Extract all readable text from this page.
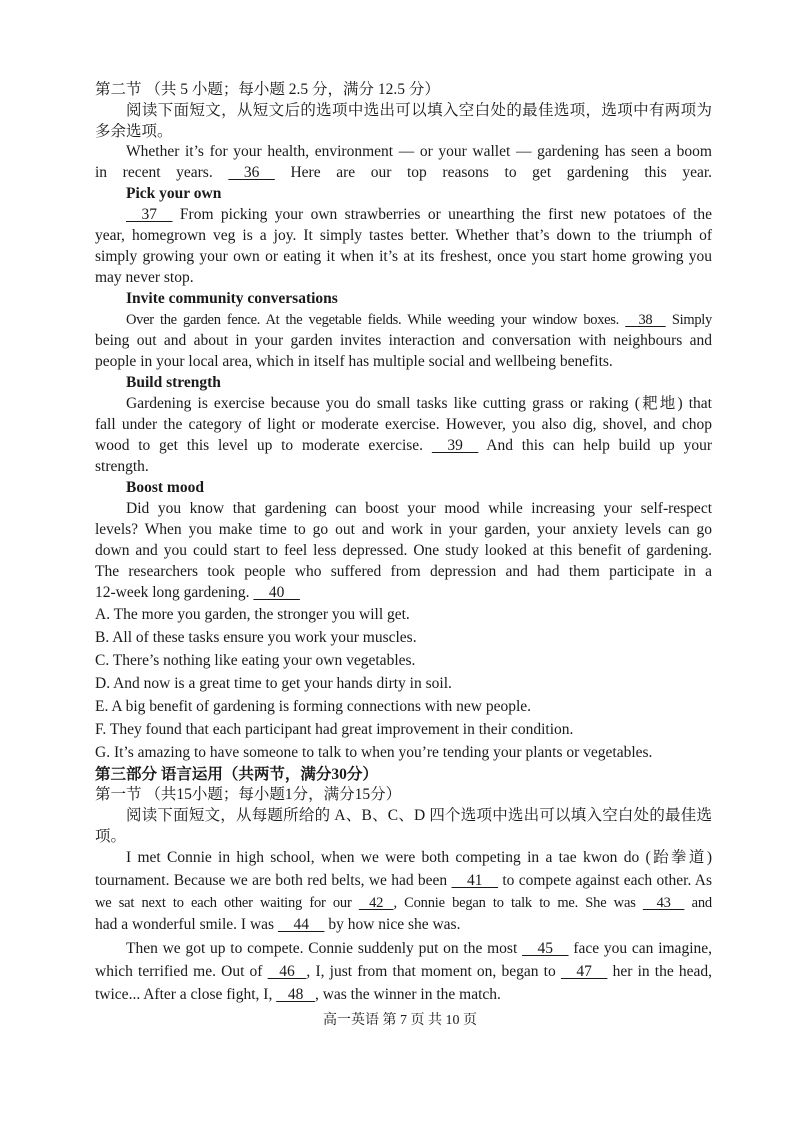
第二节 （共 5 小题；每小题 2.5 分，满分 12.5 分）
阅读下面短文，从短文后的选项中选出可以填入空白处的最佳选项，选项中有两项为
多余选项。
Whether it’s for your health, environment — or your wallet — gardening has seen a boom
in recent years.     36     Here are our top reasons to get gardening this year.
Pick your own
37     From picking your own strawberries or unearthing the first new potatoes of the
year, homegrown veg is a joy. It simply tastes better. Whether that’s down to the triumph of
simply growing your own or eating it when it’s at its freshest, once you start home growing you
may never stop.
Invite community conversations
Over the garden fence. At the vegetable fields. While weeding your window boxes.     38     Simply
being out and about in your garden invites interaction and conversation with neighbours and
people in your local area, which in itself has multiple social and wellbeing benefits.
Build strength
Gardening is exercise because you do small tasks like cutting grass or raking (耙地) that
fall under the category of light or moderate exercise. However, you also dig, shovel, and chop
wood to get this level up to moderate exercise.     39     And this can help build up your
strength.
Boost mood
Did you know that gardening can boost your mood while increasing your self-respect
levels? When you make time to go out and work in your garden, your anxiety levels can go
down and you could start to feel less depressed. One study looked at this benefit of gardening.
The researchers took people who suffered from depression and had them participate in a
12-week long gardening.     40
A. The more you garden, the stronger you will get.
B. All of these tasks ensure you work your muscles.
C. There’s nothing like eating your own vegetables.
D. And now is a great time to get your hands dirty in soil.
E. A big benefit of gardening is forming connections with new people.
F. They found that each participant had great improvement in their condition.
G. It’s amazing to have someone to talk to when you’re tending your plants or vegetables.
第三部分 语言运用（共两节，满分30分）
第一节 （共15小题；每小题1分，满分15分）
阅读下面短文，从每题所给的 A、B、C、D 四个选项中选出可以填入空白处的最佳选
项。
I met Connie in high school, when we were both competing in a tae kwon do (跆拳道)
tournament. Because we are both red belts, we had been     41     to compete against each other. As
we sat next to each other waiting for our    42   , Connie began to talk to me. She was     43     and
had a wonderful smile. I was     44     by how nice she was.
Then we got up to compete. Connie suddenly put on the most     45     face you can imagine,
which terrified me. Out of    46   , I, just from that moment on, began to     47     her in the head,
twice... After a close fight, I,    48   , was the winner in the match.
高一英语 第 7 页 共 10 页
